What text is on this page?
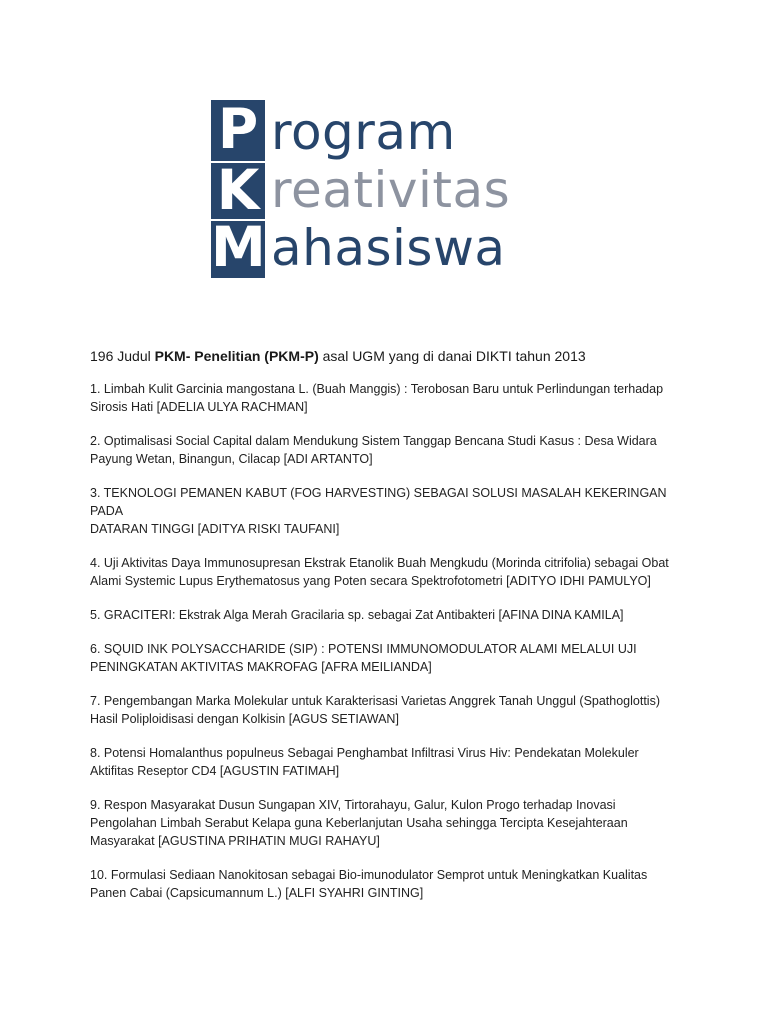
P
K
M
rogram
reativitas
ahasiswa

196 Judul PKM- Penelitian (PKM-P) asal UGM yang di danai DIKTI tahun 2013

1. Limbah Kulit Garcinia mangostana L. (Buah Manggis) : Terobosan Baru untuk Perlindungan terhadap
Sirosis Hati [ADELIA ULYA RACHMAN]

2. Optimalisasi Social Capital dalam Mendukung Sistem Tanggap Bencana Studi Kasus : Desa Widara
Payung Wetan, Binangun, Cilacap [ADI ARTANTO]

3. TEKNOLOGI PEMANEN KABUT (FOG HARVESTING) SEBAGAI SOLUSI MASALAH KEKERINGAN
PADA
DATARAN TINGGI [ADITYA RISKI TAUFANI]

4. Uji Aktivitas Daya Immunosupresan Ekstrak Etanolik Buah Mengkudu (Morinda citrifolia) sebagai Obat
Alami Systemic Lupus Erythematosus yang Poten secara Spektrofotometri [ADITYO IDHI PAMULYO]

5. GRACITERI: Ekstrak Alga Merah Gracilaria sp. sebagai Zat Antibakteri [AFINA DINA KAMILA]

6. SQUID INK POLYSACCHARIDE (SIP) : POTENSI IMMUNOMODULATOR ALAMI MELALUI UJI
PENINGKATAN AKTIVITAS MAKROFAG [AFRA MEILIANDA]

7. Pengembangan Marka Molekular untuk Karakterisasi Varietas Anggrek Tanah Unggul (Spathoglottis)
Hasil Poliploidisasi dengan Kolkisin [AGUS SETIAWAN]

8. Potensi Homalanthus populneus Sebagai Penghambat Infiltrasi Virus Hiv: Pendekatan Molekuler
Aktifitas Reseptor CD4 [AGUSTIN FATIMAH]

9. Respon Masyarakat Dusun Sungapan XIV, Tirtorahayu, Galur, Kulon Progo terhadap Inovasi
Pengolahan Limbah Serabut Kelapa guna Keberlanjutan Usaha sehingga Tercipta Kesejahteraan
Masyarakat [AGUSTINA PRIHATIN MUGI RAHAYU]

10. Formulasi Sediaan Nanokitosan sebagai Bio-imunodulator Semprot untuk Meningkatkan Kualitas
Panen Cabai (Capsicumannum L.) [ALFI SYAHRI GINTING]
